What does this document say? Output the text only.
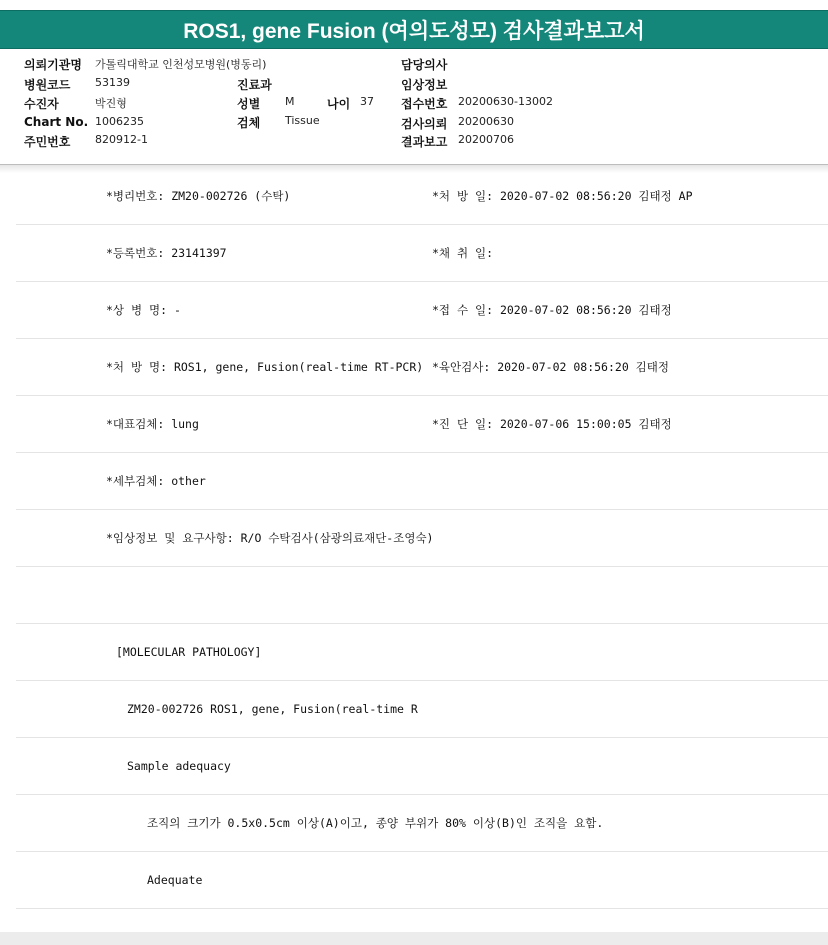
ROS1, gene Fusion (여의도성모) 검사결과보고서
의뢰기관명 가톨릭대학교 인천성모병원(병동리)
병원코드 53139
수진자	박진형
Chart No. 1006235
주민번호 820912-1
진료과
성별 M	나이 37
검체 Tissue
담당의사
임상정보
접수번호 20200630-13002
검사의뢰 20200630
결과보고 20200706
*병리번호: ZM20-002726 (수탁)	*처 방 일: 2020-07-02 08:56:20 김태정 AP
*등록번호: 23141397	*채 취 일:
*상 병 명: -	*접 수 일: 2020-07-02 08:56:20 김태정
*처 방 명: ROS1, gene, Fusion(real-time RT-PCR) *육안검사: 2020-07-02 08:56:20 김태정
*대표검체: lung	*진 단 일: 2020-07-06 15:00:05 김태정
*세부검체: other
*임상정보 및 요구사항: R/O 수탁검사(삼광의료재단-조영숙)
[MOLECULAR PATHOLOGY]
ZM20-002726 ROS1, gene, Fusion(real-time R
Sample adequacy
조직의 크기가 0.5x0.5cm 이상(A)이고, 종양 부위가 80% 이상(B)인 조직을 요함.
Adequate
